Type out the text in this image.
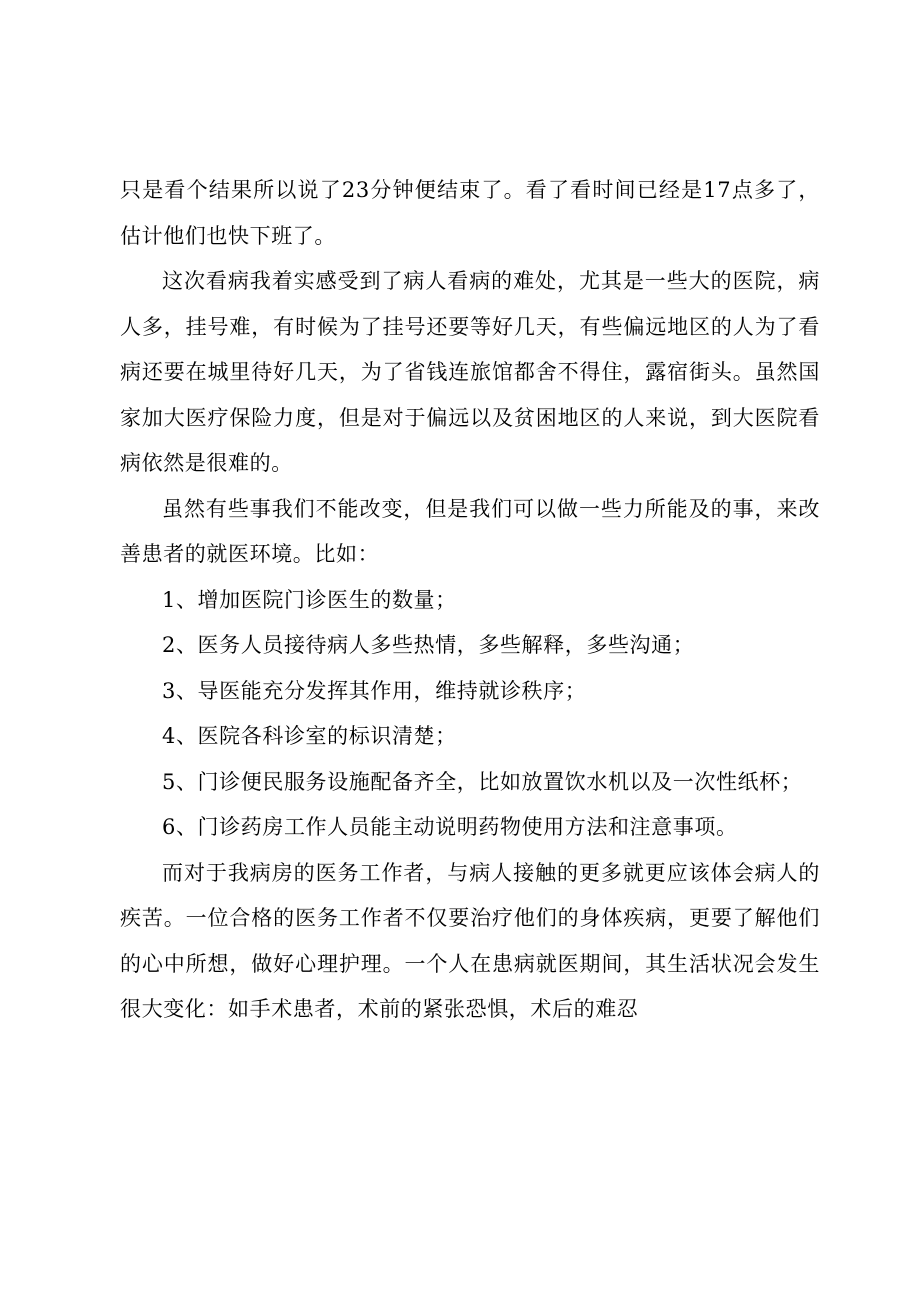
只是看个结果所以说了23分钟便结束了。看了看时间已经是17点多了，估计他们也快下班了。

这次看病我着实感受到了病人看病的难处，尤其是一些大的医院，病人多，挂号难，有时候为了挂号还要等好几天，有些偏远地区的人为了看病还要在城里待好几天，为了省钱连旅馆都舍不得住，露宿街头。虽然国家加大医疗保险力度，但是对于偏远以及贫困地区的人来说，到大医院看病依然是很难的。

虽然有些事我们不能改变，但是我们可以做一些力所能及的事，来改善患者的就医环境。比如：

1、增加医院门诊医生的数量；

2、医务人员接待病人多些热情，多些解释，多些沟通；

3、导医能充分发挥其作用，维持就诊秩序；

4、医院各科诊室的标识清楚；

5、门诊便民服务设施配备齐全，比如放置饮水机以及一次性纸杯；

6、门诊药房工作人员能主动说明药物使用方法和注意事项。

而对于我病房的医务工作者，与病人接触的更多就更应该体会病人的疾苦。一位合格的医务工作者不仅要治疗他们的身体疾病，更要了解他们的心中所想，做好心理护理。一个人在患病就医期间，其生活状况会发生很大变化：如手术患者，术前的紧张恐惧，术后的难忍
